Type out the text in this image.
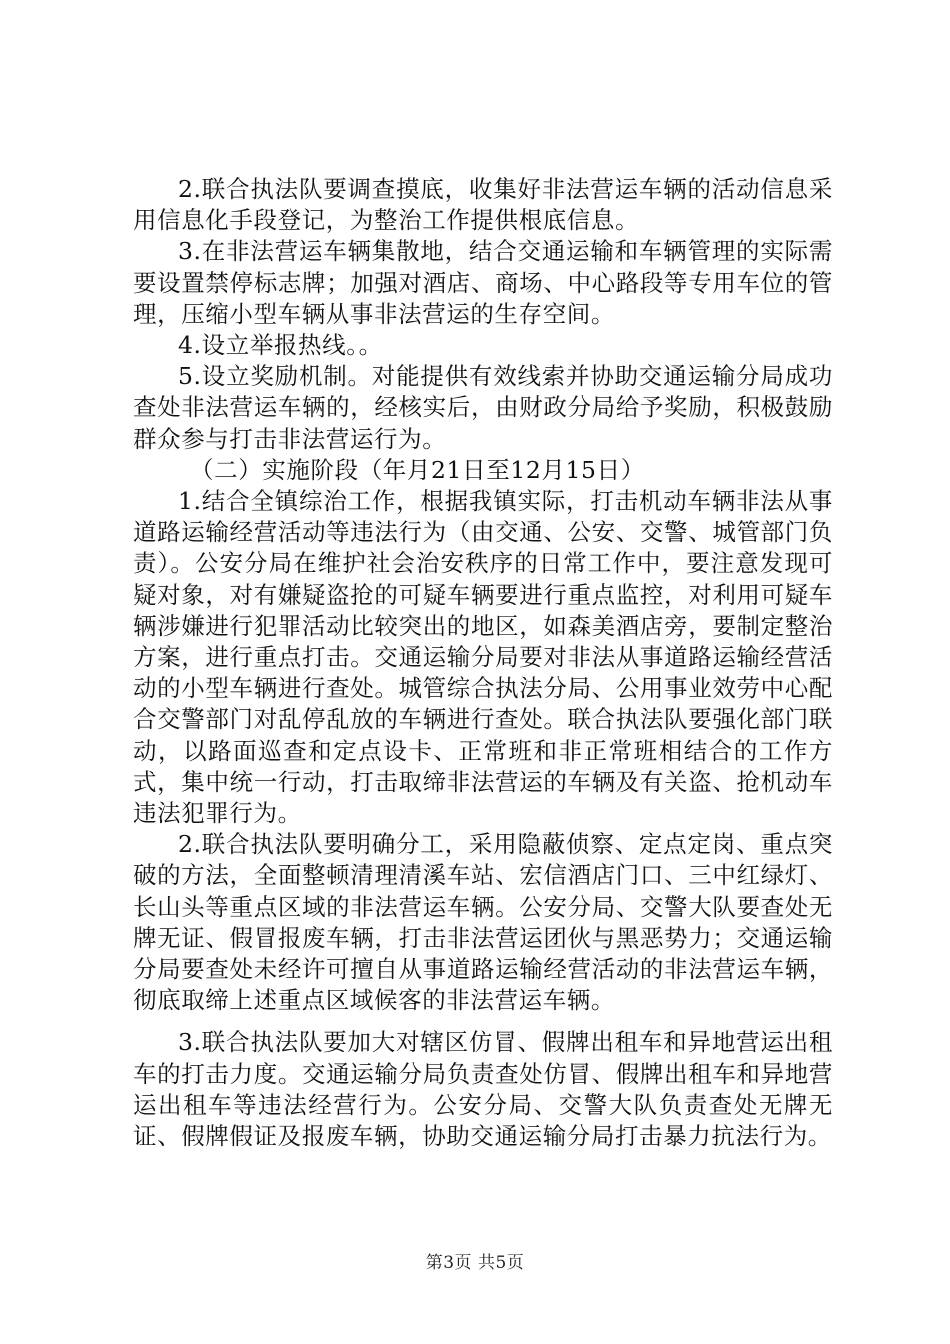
2.联合执法队要调查摸底，收集好非法营运车辆的活动信息采用信息化手段登记，为整治工作提供根底信息。

3.在非法营运车辆集散地，结合交通运输和车辆管理的实际需要设置禁停标志牌；加强对酒店、商场、中心路段等专用车位的管理，压缩小型车辆从事非法营运的生存空间。

4.设立举报热线。。

5.设立奖励机制。对能提供有效线索并协助交通运输分局成功查处非法营运车辆的，经核实后，由财政分局给予奖励，积极鼓励群众参与打击非法营运行为。

（二）实施阶段（年月21日至12月15日）

1.结合全镇综治工作，根据我镇实际，打击机动车辆非法从事道路运输经营活动等违法行为（由交通、公安、交警、城管部门负责）。公安分局在维护社会治安秩序的日常工作中，要注意发现可疑对象，对有嫌疑盗抢的可疑车辆要进行重点监控，对利用可疑车辆涉嫌进行犯罪活动比较突出的地区，如森美酒店旁，要制定整治方案，进行重点打击。交通运输分局要对非法从事道路运输经营活动的小型车辆进行查处。城管综合执法分局、公用事业效劳中心配合交警部门对乱停乱放的车辆进行查处。联合执法队要强化部门联动，以路面巡查和定点设卡、正常班和非正常班相结合的工作方式，集中统一行动，打击取缔非法营运的车辆及有关盗、抢机动车违法犯罪行为。

2.联合执法队要明确分工，采用隐蔽侦察、定点定岗、重点突破的方法，全面整顿清理清溪车站、宏信酒店门口、三中红绿灯、长山头等重点区域的非法营运车辆。公安分局、交警大队要查处无牌无证、假冒报废车辆，打击非法营运团伙与黑恶势力；交通运输分局要查处未经许可擅自从事道路运输经营活动的非法营运车辆，彻底取缔上述重点区域候客的非法营运车辆。

3.联合执法队要加大对辖区仿冒、假牌出租车和异地营运出租车的打击力度。交通运输分局负责查处仿冒、假牌出租车和异地营运出租车等违法经营行为。公安分局、交警大队负责查处无牌无证、假牌假证及报废车辆，协助交通运输分局打击暴力抗法行为。

第3页 共5页
